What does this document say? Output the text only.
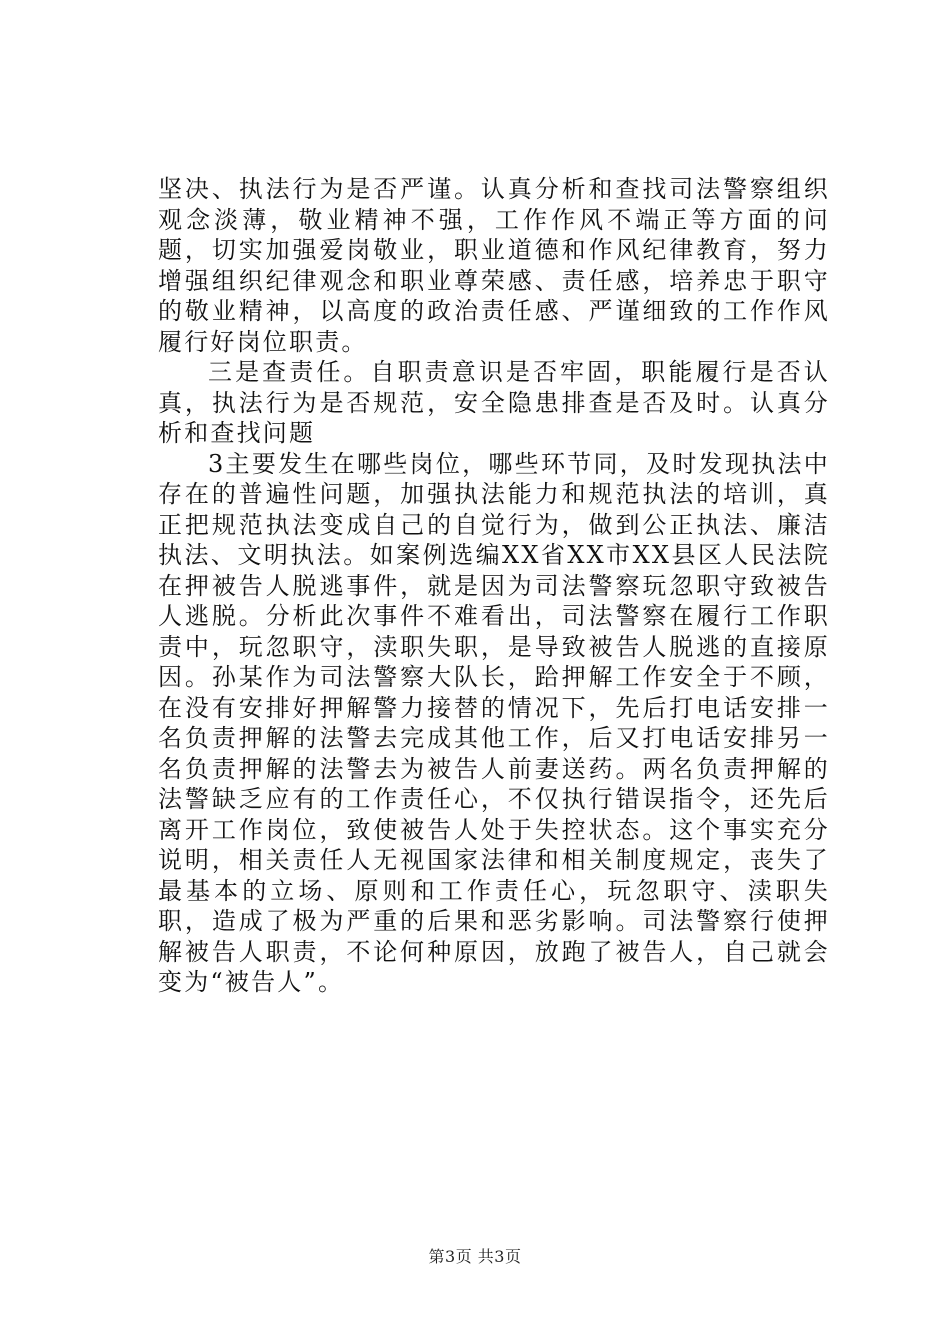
坚决、执法行为是否严谨。认真分析和查找司法警察组织观念淡薄，敬业精神不强，工作作风不端正等方面的问题，切实加强爱岗敬业，职业道德和作风纪律教育，努力增强组织纪律观念和职业尊荣感、责任感，培养忠于职守的敬业精神，以高度的政治责任感、严谨细致的工作作风履行好岗位职责。

三是查责任。自职责意识是否牢固，职能履行是否认真，执法行为是否规范，安全隐患排查是否及时。认真分析和查找问题

3主要发生在哪些岗位，哪些环节同，及时发现执法中存在的普遍性问题，加强执法能力和规范执法的培训，真正把规范执法变成自己的自觉行为，做到公正执法、廉洁执法、文明执法。如案例选编XX省XX市XX县区人民法院在押被告人脱逃事件，就是因为司法警察玩忽职守致被告人逃脱。分析此次事件不难看出，司法警察在履行工作职责中，玩忽职守，渎职失职，是导致被告人脱逃的直接原因。孙某作为司法警察大队长，跲押解工作安全于不顾，在没有安排好押解警力接替的情况下，先后打电话安排一名负责押解的法警去完成其他工作，后又打电话安排另一名负责押解的法警去为被告人前妻送药。两名负责押解的法警缺乏应有的工作责任心，不仅执行错误指令，还先后离开工作岗位，致使被告人处于失控状态。这个事实充分说明，相关责任人无视国家法律和相关制度规定，丧失了最基本的立场、原则和工作责任心，玩忽职守、渎职失职，造成了极为严重的后果和恶劣影响。司法警察行使押解被告人职责，不论何种原因，放跑了被告人，自己就会变为“被告人”。

第3页 共3页
